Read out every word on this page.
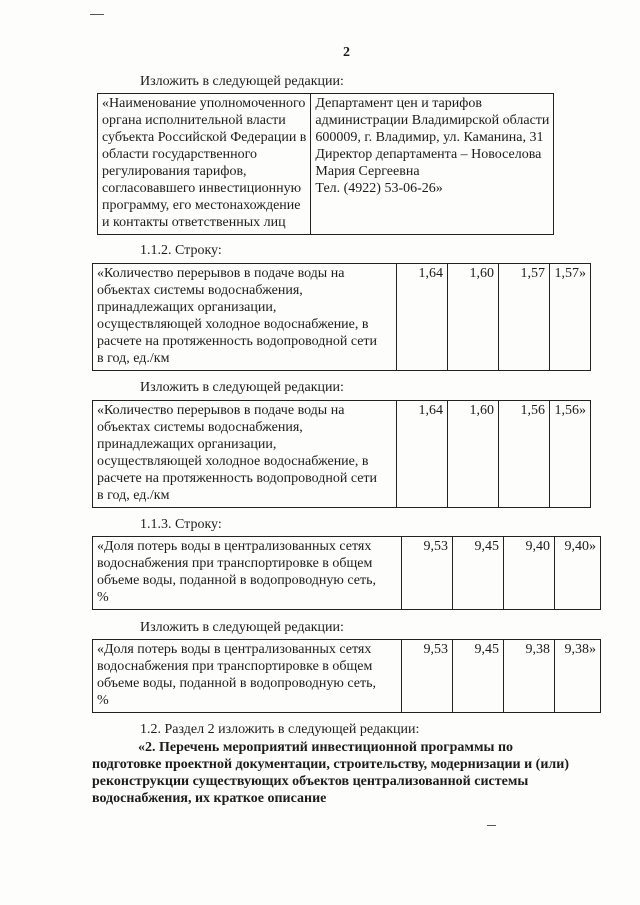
2
Изложить в следующей редакции:
«Наименование уполномоченного
органа исполнительной власти
субъекта Российской Федерации в
области государственного
регулирования тарифов,
согласовавшего инвестиционную
программу, его местонахождение
и контакты ответственных лиц

Департамент цен и тарифов
администрации Владимирской области
600009, г. Владимир, ул. Каманина, 31
Директор департамента – Новоселова
Мария Сергеевна
Тел. (4922) 53-06-26»
1.1.2. Строку:
«Количество перерывов в подаче воды на
объектах системы водоснабжения,
принадлежащих организации,
осуществляющей холодное водоснабжение, в
расчете на протяженность водопроводной сети
в год, ед./км
	1,64	1,60	1,57	1,57»
Изложить в следующей редакции:
«Количество перерывов в подаче воды на
объектах системы водоснабжения,
принадлежащих организации,
осуществляющей холодное водоснабжение, в
расчете на протяженность водопроводной сети
в год, ед./км
	1,64	1,60	1,56	1,56»
1.1.3. Строку:
«Доля потерь воды в централизованных сетях
водоснабжения при транспортировке в общем
объеме воды, поданной в водопроводную сеть,
%
	9,53	9,45	9,40	9,40»
Изложить в следующей редакции:
«Доля потерь воды в централизованных сетях
водоснабжения при транспортировке в общем
объеме воды, поданной в водопроводную сеть,
%
	9,53	9,45	9,38	9,38»
1.2. Раздел 2 изложить в следующей редакции:
«2. Перечень мероприятий инвестиционной программы по
подготовке проектной документации, строительству, модернизации и (или)
реконструкции существующих объектов централизованной системы
водоснабжения, их краткое описание
